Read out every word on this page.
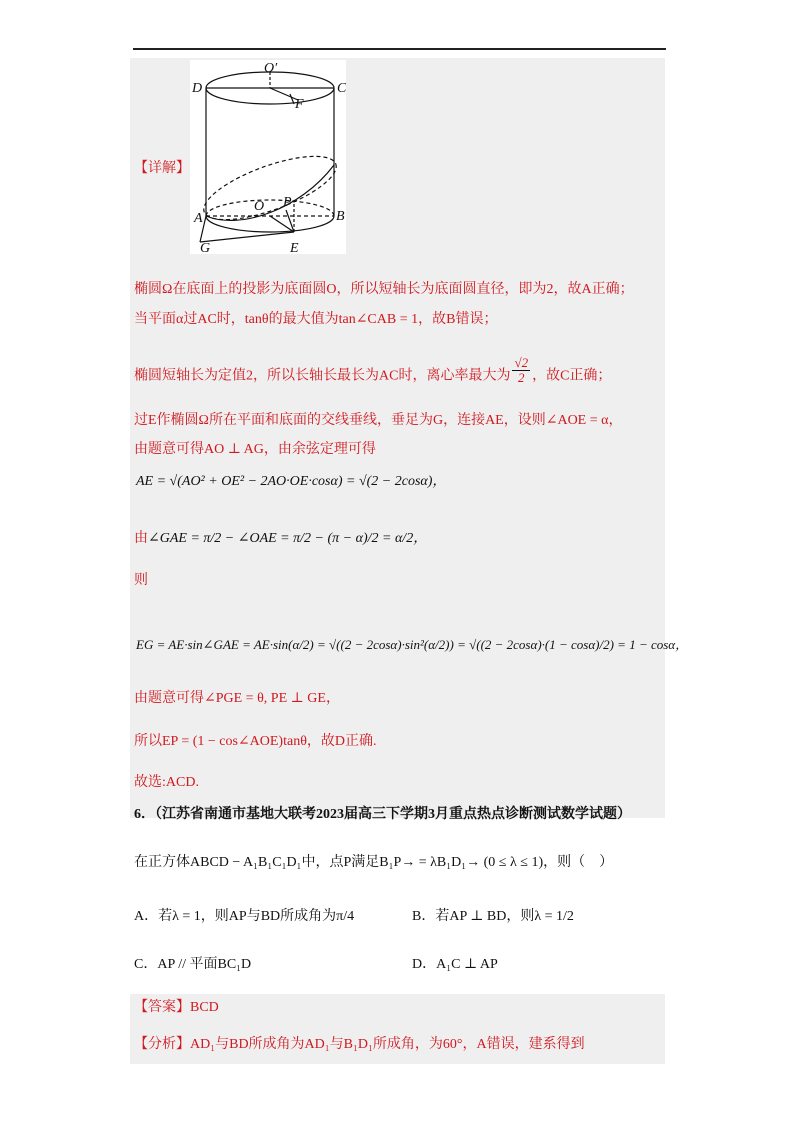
D
O′
C
F
O P
A	B
G	E
【详解】
椭圆Ω在底面上的投影为底面圆O，所以短轴长为底面圆直径，即为2，故A正确；
当平面α过AC时，tanθ的最大值为tan∠CAB = 1，故B错误；
椭圆短轴长为定值2，所以长轴长最长为AC时，离心率最大为 $\frac{√2}{2}$ ，故C正确；
过E作椭圆Ω所在平面和底面的交线垂线，垂足为G，连接AE，设则∠AOE = α，
由题意可得AO ⊥ AG，由余弦定理可得
AE = √(AO² + OE² − 2AO·OE·cosα) = √(2 − 2cosα)，
由∠GAE = π/2 − ∠OAE = π/2 − (π − α)/2 = α/2，
则
EG = AE·sin∠GAE = AE·sin(α/2) = √((2 − 2cosα)·sin²(α/2)) = √((2 − 2cosα)·(1 − cosα)/2) = 1 − cosα，
由题意可得∠PGE = θ, PE ⊥ GE，
所以EP = (1 − cos∠AOE)tanθ，故D正确.
故选:ACD.
6．（江苏省南通市基地大联考2023届高三下学期3月重点热点诊断测试数学试题）
在正方体ABCD − A₁B₁C₁D₁中，点P满足B₁P→ = λB₁D₁→ (0 ≤ λ ≤ 1)，则（　）
A．若λ = 1，则AP与BD所成角为π/4	B．若AP ⊥ BD，则λ = 1/2
C．AP // 平面BC₁D	D．A₁C ⊥ AP
【答案】BCD
【分析】AD₁与BD所成角为AD₁与B₁D₁所成角，为60°，A错误，建系得到
